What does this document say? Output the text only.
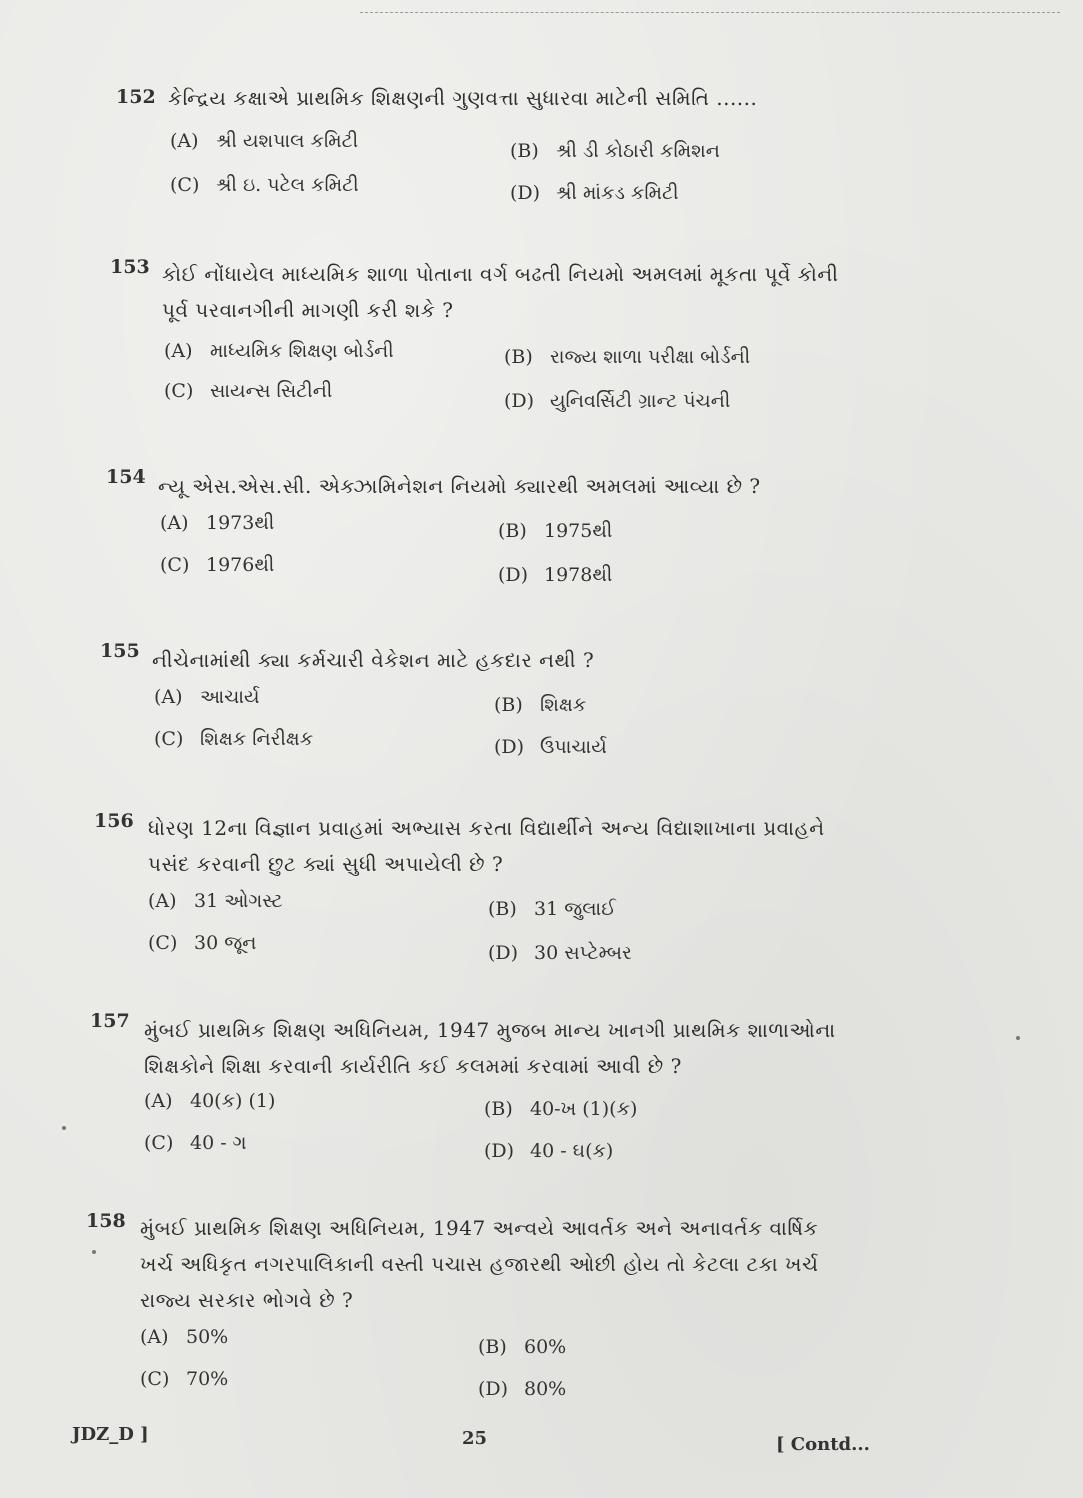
152 કેન્દ્રિય કક્ષાએ પ્રાથમિક શિક્ષણની ગુણવત્તા સુધારવા માટેની સમિતિ ......
(A) શ્રી યશપાલ કમિટી	(B) શ્રી ડી કોઠારી કમિશન
(C) શ્રી ઇ. પટેલ કમિટી	(D) શ્રી માંકડ કમિટી
153 કોઈ નોંધાયેલ માધ્યમિક શાળા પોતાના વર્ગ બઢતી નિયમો અમલમાં મૂકતા પૂર્વે કોની
પૂર્વ પરવાનગીની માગણી કરી શકે ?
(A) માધ્યમિક શિક્ષણ બોર્ડની	(B) રાજ્ય શાળા પરીક્ષા બોર્ડની
(C) સાયન્સ સિટીની	(D) યુનિવર્સિટી ગ્રાન્ટ પંચની
154 ન્યૂ એસ.એસ.સી. એક્ઝામિનેશન નિયમો ક્યારથી અમલમાં આવ્યા છે ?
(A) 1973થી	(B) 1975થી
(C) 1976થી	(D) 1978થી
155 નીચેનામાંથી ક્યા કર્મચારી વેકેશન માટે હકદાર નથી ?
(A) આચાર્ય	(B) શિક્ષક
(C) શિક્ષક નિરીક્ષક	(D) ઉપાચાર્ય
156 ધોરણ 12ના વિજ્ઞાન પ્રવાહમાં અભ્યાસ કરતા વિદ્યાર્થીને અન્ય વિદ્યાશાખાના પ્રવાહને
પસંદ કરવાની છુટ ક્યાં સુધી અપાયેલી છે ?
(A) 31 ઓગસ્ટ	(B) 31 જુલાઈ
(C) 30 જૂન	(D) 30 સપ્ટેમ્બર
157 મુંબઈ પ્રાથમિક શિક્ષણ અધિનિયમ, 1947 મુજબ માન્ય ખાનગી પ્રાથમિક શાળાઓના
શિક્ષકોને શિક્ષા કરવાની કાર્યરીતિ કઈ કલમમાં કરવામાં આવી છે ?
(A) 40(ક) (1)	(B) 40-ખ (1)(ક)
(C) 40 - ગ	(D) 40 - ઘ(ક)
158 મુંબઈ પ્રાથમિક શિક્ષણ અધિનિયમ, 1947 અન્વયે આવર્તક અને અનાવર્તક વાર્ષિક
ખર્ચ અધિકૃત નગરપાલિકાની વસ્તી પચાસ હજારથી ઓછી હોય તો કેટલા ટકા ખર્ચ
રાજ્ય સરકાર ભોગવે છે ?
(A) 50%	(B) 60%
(C) 70%	(D) 80%
JDZ_D ]	25	[ Contd...
